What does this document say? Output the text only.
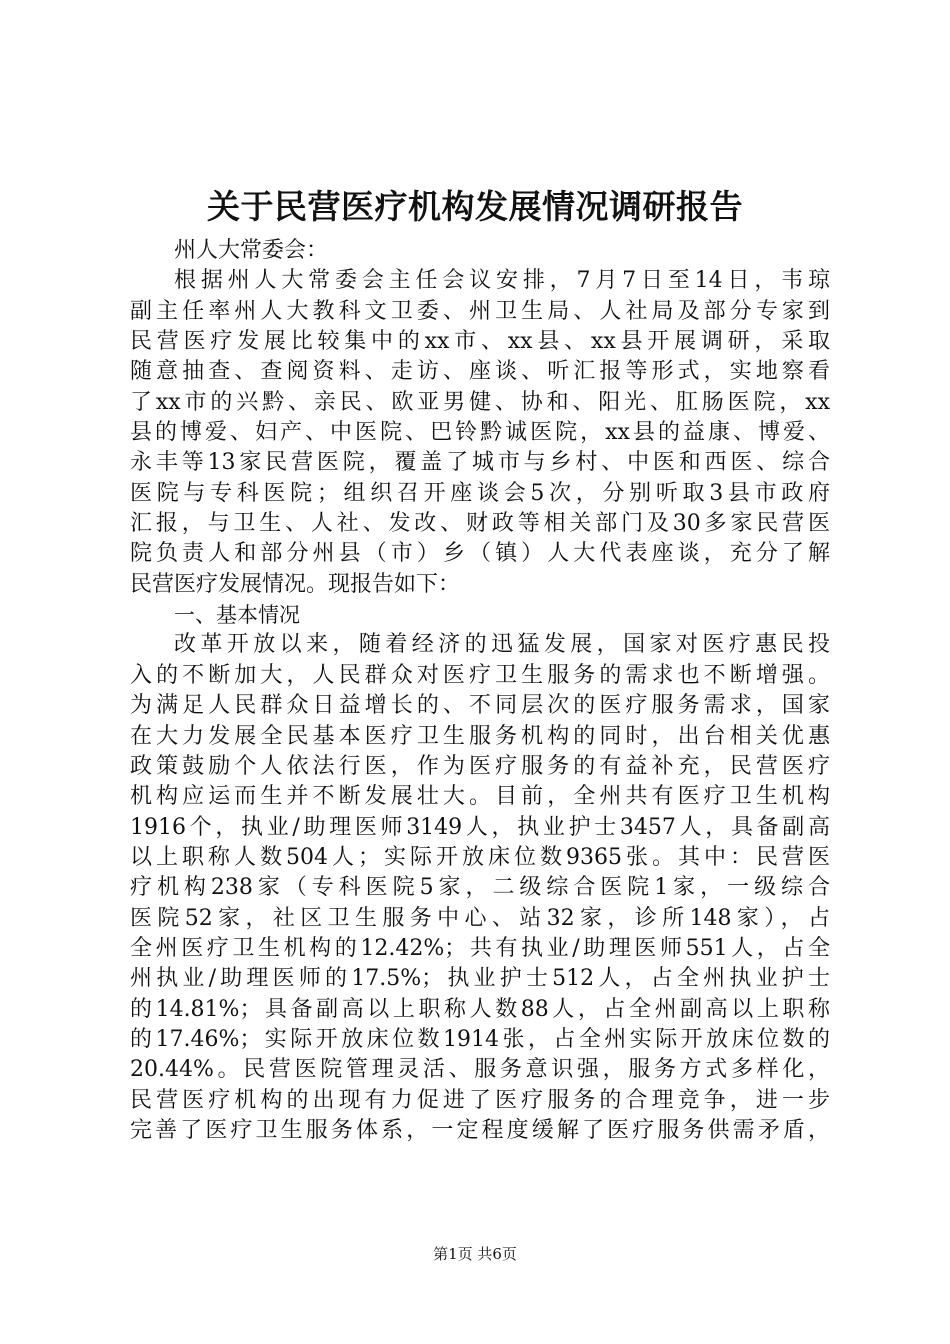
关于民营医疗机构发展情况调研报告
州人大常委会：
根据州人大常委会主任会议安排，7月7日至14日，韦琼
副主任率州人大教科文卫委、州卫生局、人社局及部分专家到
民营医疗发展比较集中的xx市、xx县、xx县开展调研，采取
随意抽查、查阅资料、走访、座谈、听汇报等形式，实地察看
了xx市的兴黔、亲民、欧亚男健、协和、阳光、肛肠医院，xx
县的博爱、妇产、中医院、巴铃黔诚医院，xx县的益康、博爱、
永丰等13家民营医院，覆盖了城市与乡村、中医和西医、综合
医院与专科医院；组织召开座谈会5次，分别听取3县市政府
汇报，与卫生、人社、发改、财政等相关部门及30多家民营医
院负责人和部分州县（市）乡（镇）人大代表座谈，充分了解
民营医疗发展情况。现报告如下：
一、基本情况
改革开放以来，随着经济的迅猛发展，国家对医疗惠民投
入的不断加大，人民群众对医疗卫生服务的需求也不断增强。
为满足人民群众日益增长的、不同层次的医疗服务需求，国家
在大力发展全民基本医疗卫生服务机构的同时，出台相关优惠
政策鼓励个人依法行医，作为医疗服务的有益补充，民营医疗
机构应运而生并不断发展壮大。目前，全州共有医疗卫生机构
1916个，执业/助理医师3149人，执业护士3457人，具备副高
以上职称人数504人；实际开放床位数9365张。其中：民营医
疗机构238家（专科医院5家，二级综合医院1家，一级综合
医院52家，社区卫生服务中心、站32家，诊所148家），占
全州医疗卫生机构的12.42%；共有执业/助理医师551人，占全
州执业/助理医师的17.5%；执业护士512人，占全州执业护士
的14.81%；具备副高以上职称人数88人，占全州副高以上职称
的17.46%；实际开放床位数1914张，占全州实际开放床位数的
20.44%。民营医院管理灵活、服务意识强，服务方式多样化，
民营医疗机构的出现有力促进了医疗服务的合理竞争，进一步
完善了医疗卫生服务体系，一定程度缓解了医疗服务供需矛盾，
第1页 共6页
